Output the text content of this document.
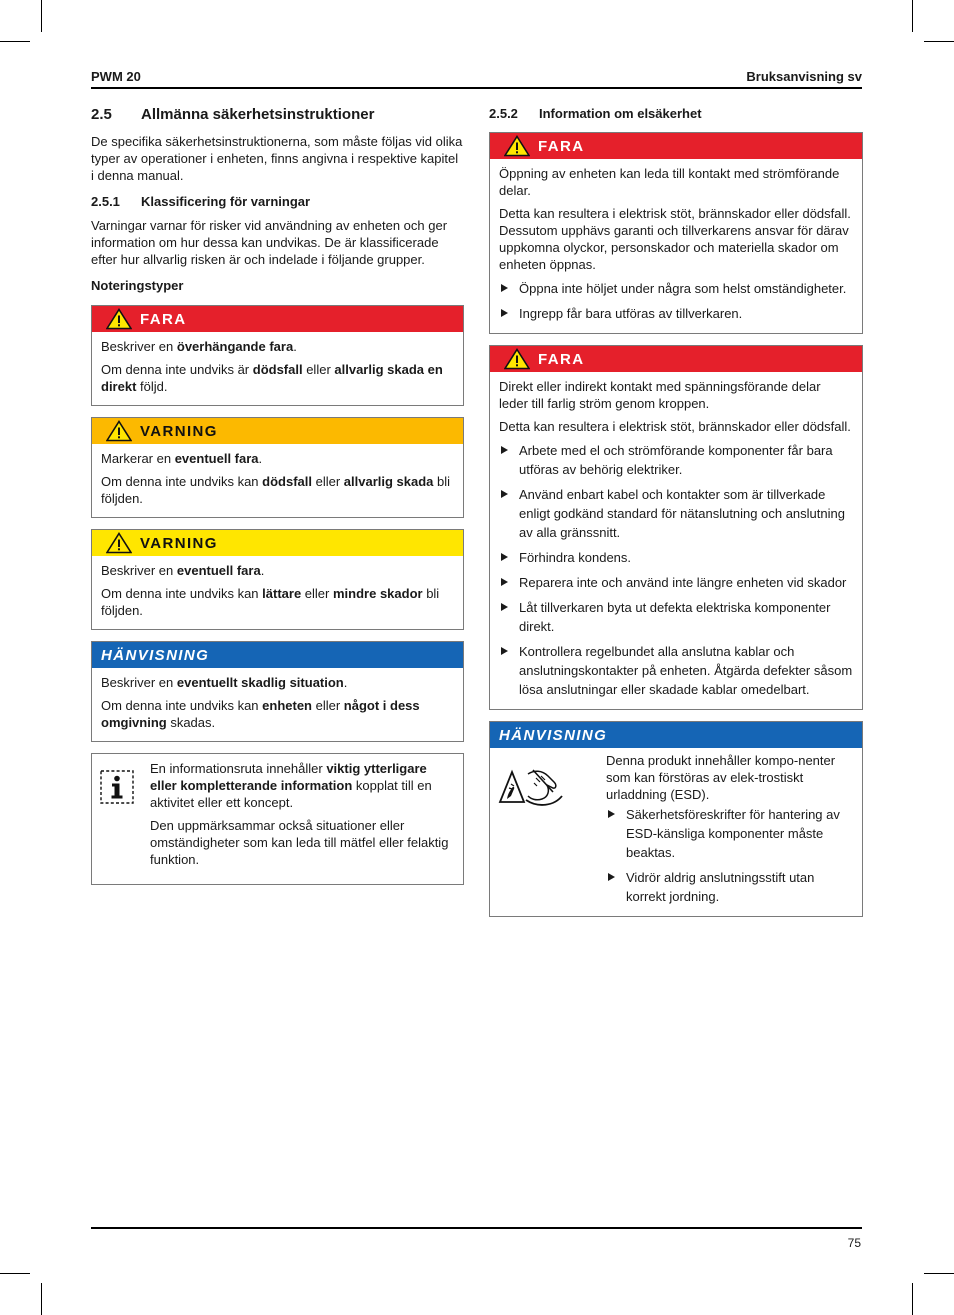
PWM 20	Bruksanvisning sv
2.5	Allmänna säkerhetsinstruktioner

De specifika säkerhetsinstruktionerna, som måste följas vid olika typer av operationer i enheten, finns angivna i respektive kapitel i denna manual.

2.5.1	Klassificering för varningar

Varningar varnar för risker vid användning av enheten och ger information om hur dessa kan undvikas. De är klassificerade efter hur allvarlig risken är och indelade i följande grupper.

Noteringstyper
FARA

Beskriver en överhängande fara.

Om denna inte undviks är dödsfall eller allvarlig skada en direkt följd.

VARNING

Markerar en eventuell fara.

Om denna inte undviks kan dödsfall eller allvarlig skada bli följden.

VARNING

Beskriver en eventuell fara.

Om denna inte undviks kan lättare eller mindre skador bli följden.

HÄNVISNING

Beskriver en eventuellt skadlig situation.

Om denna inte undviks kan enheten eller något i dess omgivning skadas.

En informationsruta innehåller viktig ytterligare eller kompletterande information kopplat till en aktivitet eller ett koncept.

Den uppmärksammar också situationer eller omständigheter som kan leda till mätfel eller felaktig funktion.

2.5.2	Information om elsäkerhet
FARA

Öppning av enheten kan leda till kontakt med strömförande delar.

Detta kan resultera i elektrisk stöt, brännskador eller dödsfall. Dessutom upphävs garanti och tillverkarens ansvar för därav uppkomna olyckor, personskador och materiella skador om enheten öppnas.

Öppna inte höljet under några som helst omständigheter.
Ingrepp får bara utföras av tillverkaren.
FARA

Direkt eller indirekt kontakt med spänningsförande delar leder till farlig ström genom kroppen.

Detta kan resultera i elektrisk stöt, brännskador eller dödsfall.

Arbete med el och strömförande komponenter får bara utföras av behörig elektriker.
Använd enbart kabel och kontakter som är tillverkade enligt godkänd standard för nätanslutning och anslutning av alla gränssnitt.
Förhindra kondens.
Reparera inte och använd inte längre enheten vid skador
Låt tillverkaren byta ut defekta elektriska komponenter direkt.
Kontrollera regelbundet alla anslutna kablar och anslutningskontakter på enheten. Åtgärda defekter såsom lösa anslutningar eller skadade kablar omedelbart.
HÄNVISNING

Denna produkt innehåller kompo-nenter som kan förstöras av elek-trostiskt urladdning (ESD).

Säkerhetsföreskrifter för hantering av ESD-känsliga komponenter måste beaktas.
Vidrör aldrig anslutningsstift utan korrekt jordning.
75
